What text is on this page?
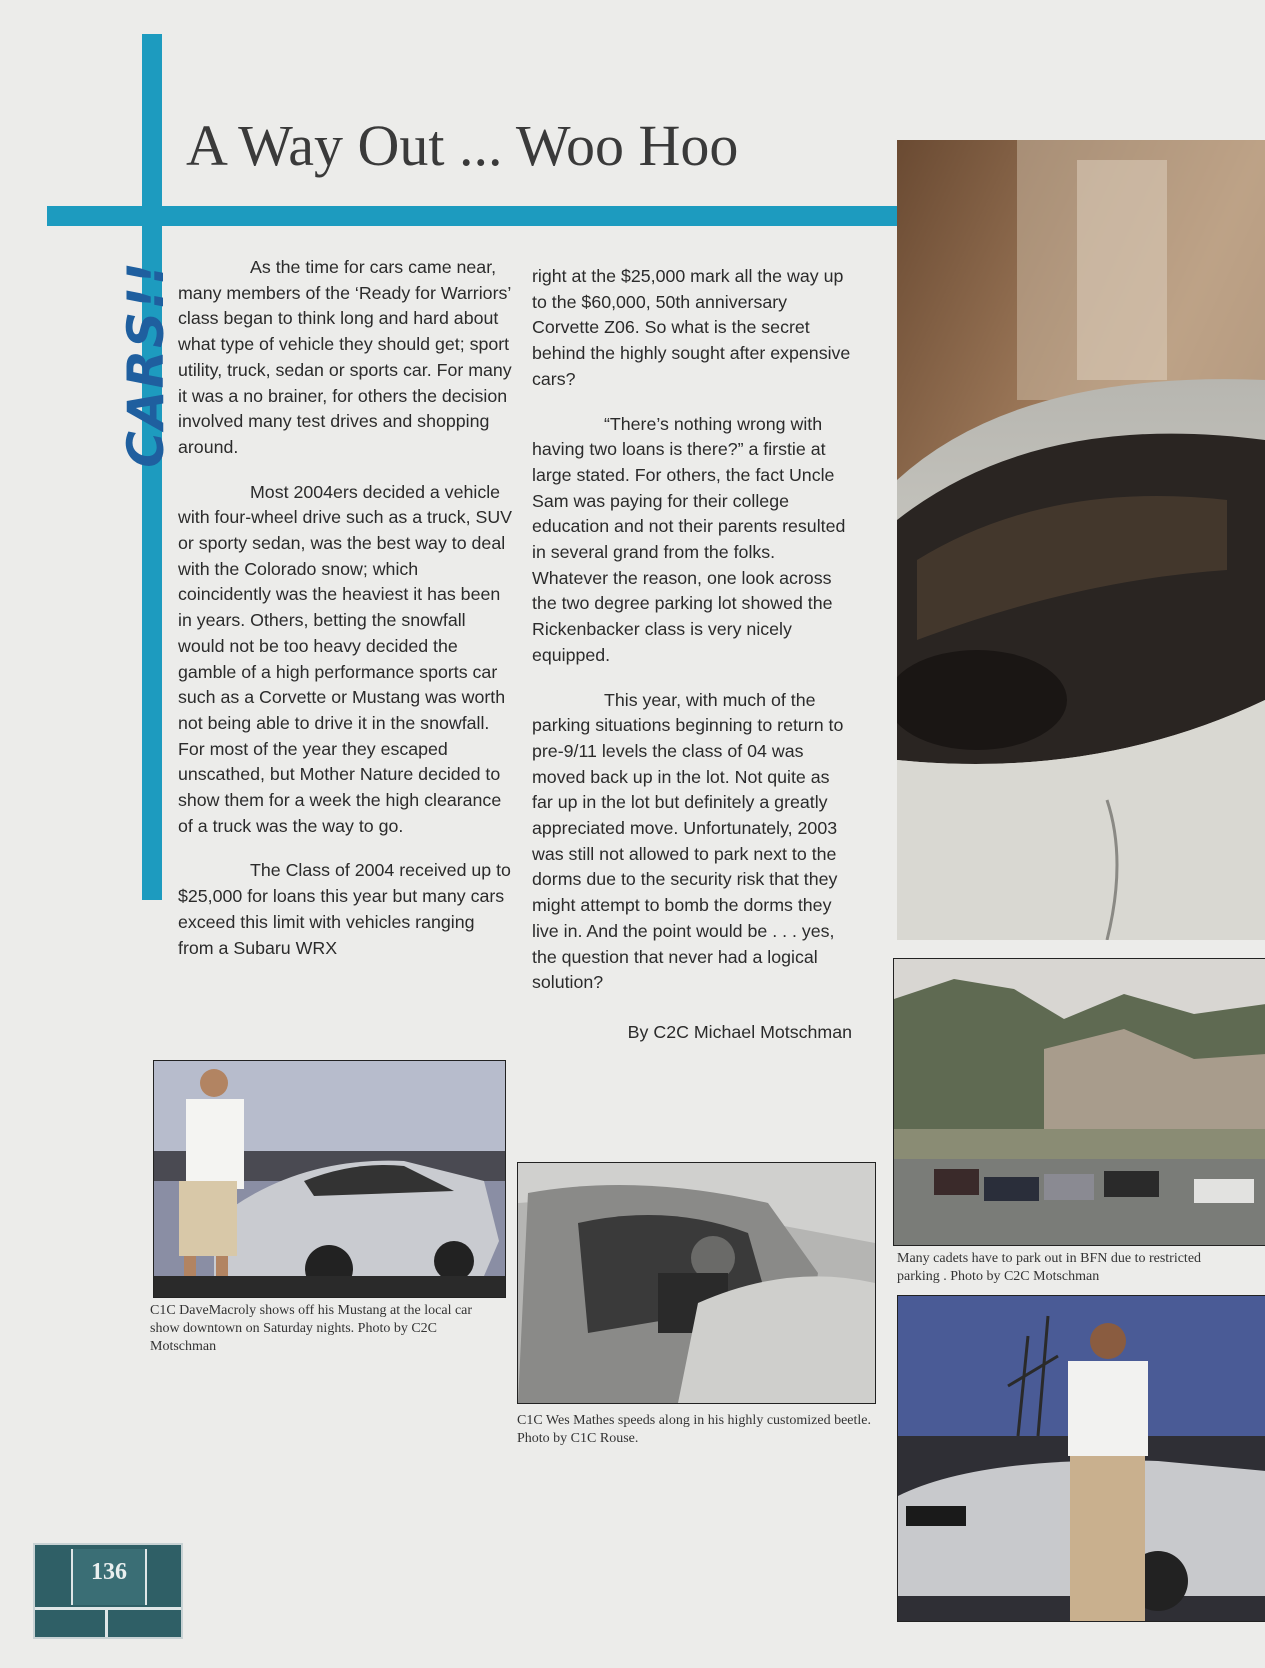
A Way Out ... Woo Hoo
CARS!!	As the time for cars came near, many members of the ‘Ready for Warriors’ class began to think long and hard about what type of vehicle they should get; sport utility, truck, sedan or sports car. For many it was a no brainer, for others the decision involved many test drives and shopping around.

Most 2004ers decided a vehicle with four-wheel drive such as a truck, SUV or sporty sedan, was the best way to deal with the Colorado snow; which coincidently was the heaviest it has been in years. Others, betting the snowfall would not be too heavy decided the gamble of a high performance sports car such as a Corvette or Mustang was worth not being able to drive it in the snowfall. For most of the year they escaped unscathed, but Mother Nature decided to show them for a week the high clearance of a truck was the way to go.

The Class of 2004 received up to $25,000 for loans this year but many cars exceed this limit with vehicles ranging from a Subaru WRX

right at the $25,000 mark all the way up to the $60,000, 50th anniversary Corvette Z06. So what is the secret behind the highly sought after expensive cars?

“There’s nothing wrong with having two loans is there?” a firstie at large stated. For others, the fact Uncle Sam was paying for their college education and not their parents resulted in several grand from the folks. Whatever the reason, one look across the two degree parking lot showed the Rickenbacker class is very nicely equipped.

This year, with much of the parking situations beginning to return to pre-9/11 levels the class of 04 was moved back up in the lot. Not quite as far up in the lot but definitely a greatly appreciated move. Unfortunately, 2003 was still not allowed to park next to the dorms due to the security risk that they might attempt to bomb the dorms they live in. And the point would be . . . yes, the question that never had a logical solution?

By C2C Michael Motschman

Many cadets have to park out in BFN due to restricted parking . Photo by C2C Motschman
C1C DaveMacroly shows off his Mustang at the local car show downtown on Saturday nights. Photo by C2C Motschman
C1C Wes Mathes speeds along in his highly customized beetle. Photo by C1C Rouse.
136
